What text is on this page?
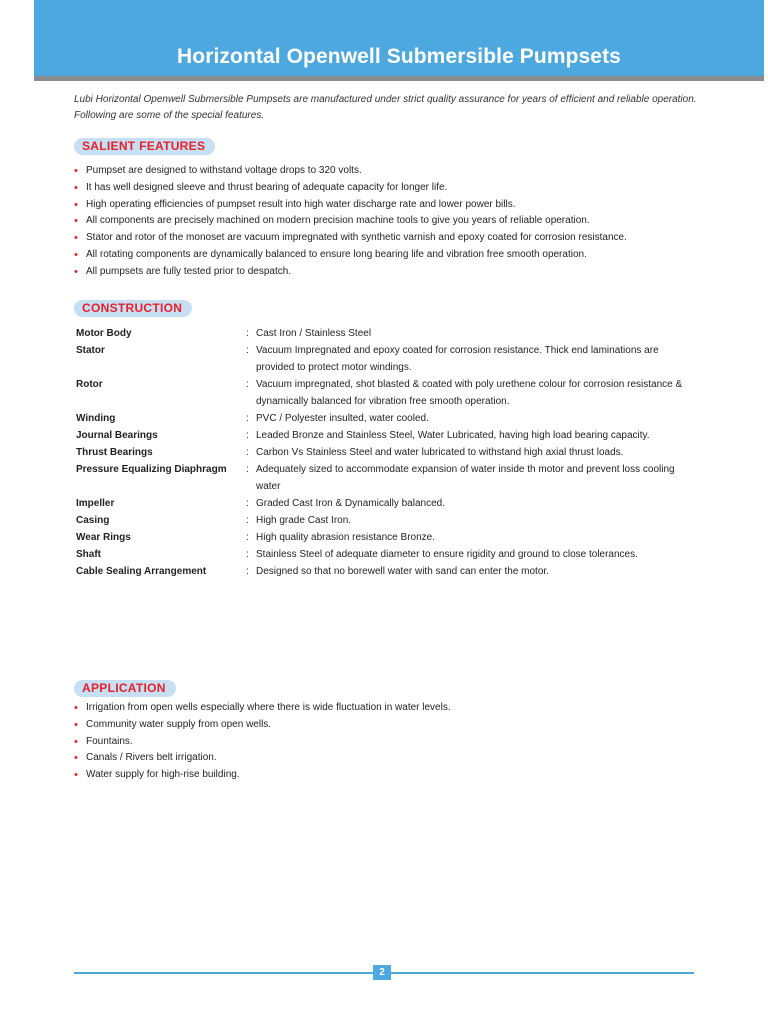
Horizontal Openwell Submersible Pumpsets
Lubi Horizontal Openwell Submersible Pumpsets are manufactured under strict quality assurance for years of efficient and reliable operation. Following are some of the special features.
SALIENT FEATURES
• Pumpset are designed to withstand voltage drops to 320 volts.
• It has well designed sleeve and thrust bearing of adequate capacity for longer life.
• High operating efficiencies of pumpset result into high water discharge rate and lower power bills.
• All components are precisely machined on modern precision machine tools to give you years of reliable operation.
• Stator and rotor of the monoset are vacuum impregnated with synthetic varnish and epoxy coated for corrosion resistance.
• All rotating components are dynamically balanced to ensure long bearing life and vibration free smooth operation.
• All pumpsets are fully tested prior to despatch.
CONSTRUCTION
Motor Body	: Cast Iron / Stainless Steel
Stator	: Vacuum Impregnated and epoxy coated for corrosion resistance. Thick end laminations are provided to protect motor windings.
Rotor	: Vacuum impregnated, shot blasted & coated with poly urethene colour for corrosion resistance & dynamically balanced for vibration free smooth operation.
Winding	: PVC / Polyester insulted, water cooled.
Journal Bearings	: Leaded Bronze and Stainless Steel, Water Lubricated, having high load bearing capacity.
Thrust Bearings	: Carbon Vs Stainless Steel and water lubricated to withstand high axial thrust loads.
Pressure Equalizing Diaphragm	: Adequately sized to accommodate expansion of water inside th motor and prevent loss cooling water
Impeller	: Graded Cast Iron & Dynamically balanced.
Casing	: High grade Cast Iron.
Wear Rings	: High quality abrasion resistance Bronze.
Shaft	: Stainless Steel of adequate diameter to ensure rigidity and ground to close tolerances.
Cable Sealing Arrangement	: Designed so that no borewell water with sand can enter the motor.
APPLICATION
• Irrigation from open wells especially where there is wide fluctuation in water levels.
• Community water supply from open wells.
• Fountains.
• Canals / Rivers belt irrigation.
• Water supply for high-rise building.
2
